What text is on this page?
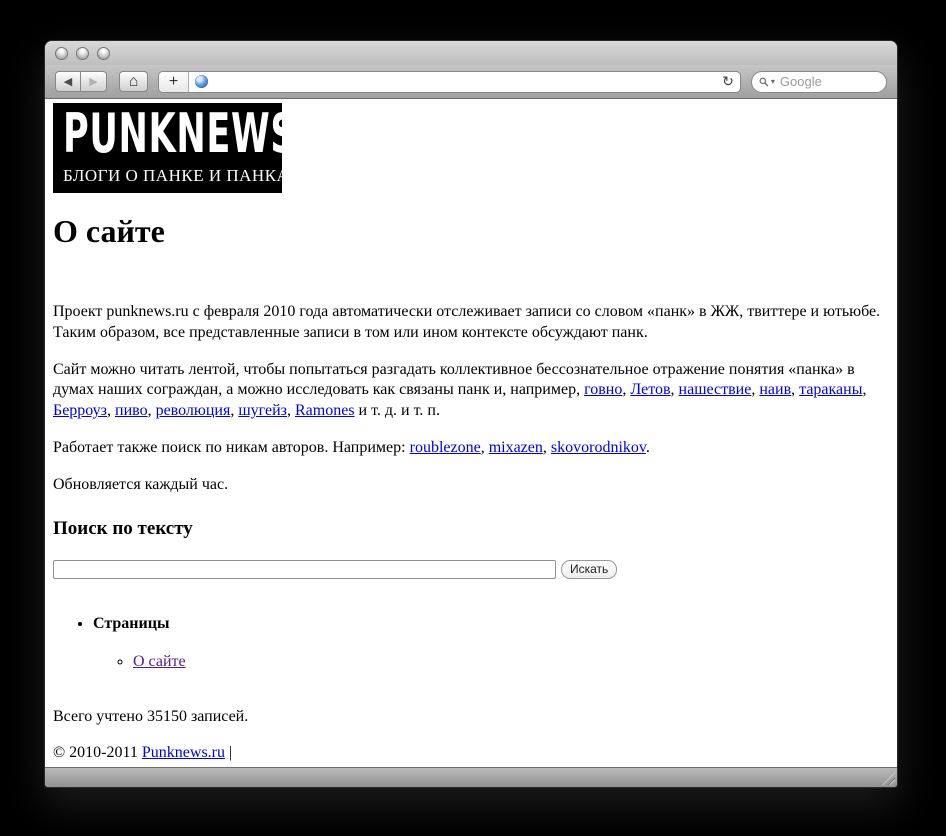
◀ ▶ ⌂ +	↻	▾
Google
PUNKNEWS
БЛОГИ О ПАНКЕ И ПАНКАХ
О сайте

Проект punknews.ru с февраля 2010 года автоматически отслеживает записи со словом «панк» в ЖЖ, твиттере и ютьюбе. Таким образом, все представленные записи в том или ином контексте обсуждают панк.

Сайт можно читать лентой, чтобы попытаться разгадать коллективное бессознательное отражение понятия «панка» в думах наших сограждан, а можно исследовать как связаны панк и, например, говно, Летов, нашествие, наив, тараканы, Берроуз, пиво, революция, шугейз, Ramones и т. д. и т. п.

Работает также поиск по никам авторов. Например: roublezone, mixazen, skovorodnikov.

Обновляется каждый час.

Поиск по тексту
Искать
• Страницы
◦ О сайте

Всего учтено 35150 записей.

© 2010-2011 Punknews.ru |
